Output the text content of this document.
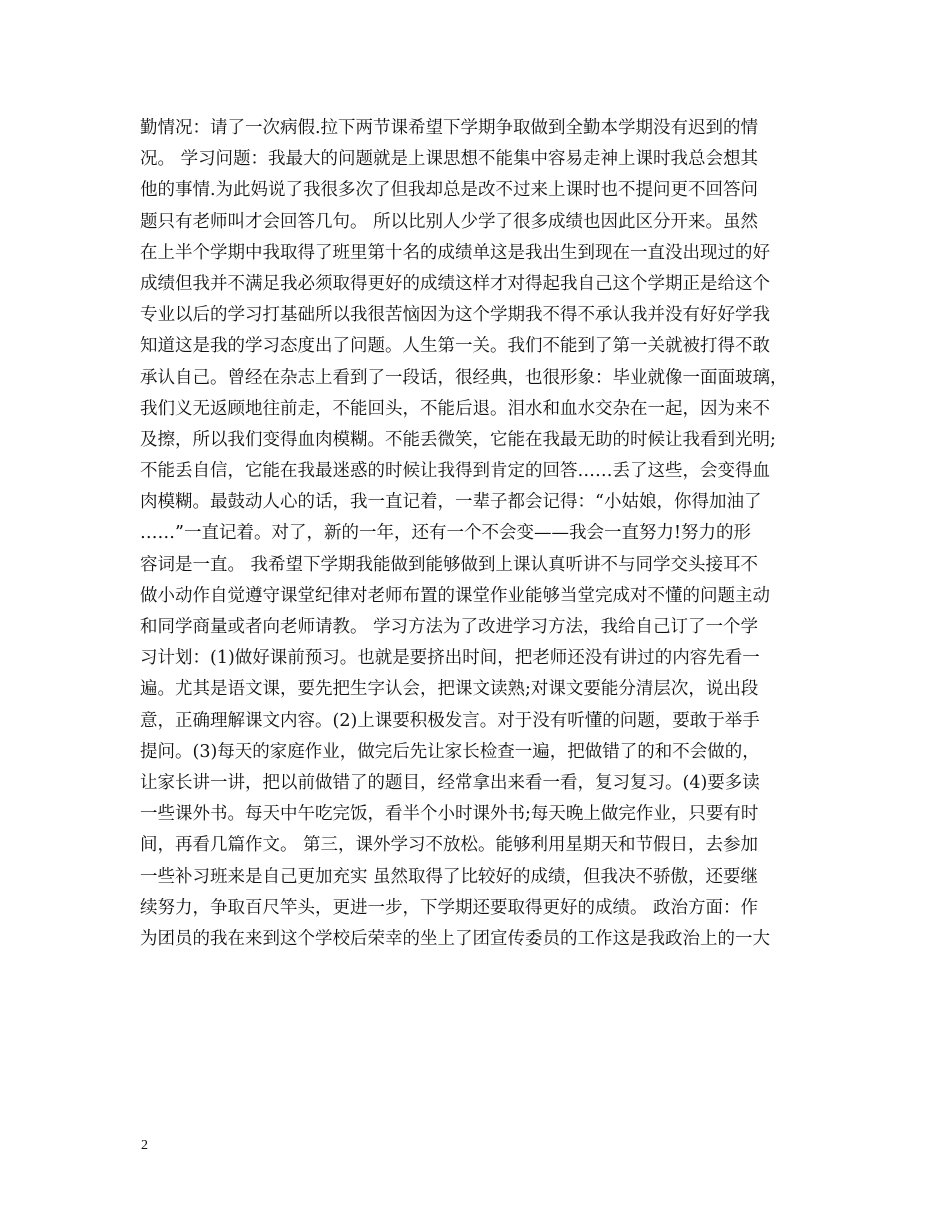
勤情况：请了一次病假.拉下两节课希望下学期争取做到全勤本学期没有迟到的情
况。 学习问题：我最大的问题就是上课思想不能集中容易走神上课时我总会想其
他的事情.为此妈说了我很多次了但我却总是改不过来上课时也不提问更不回答问
题只有老师叫才会回答几句。 所以比别人少学了很多成绩也因此区分开来。虽然
在上半个学期中我取得了班里第十名的成绩单这是我出生到现在一直没出现过的好
成绩但我并不满足我必须取得更好的成绩这样才对得起我自己这个学期正是给这个
专业以后的学习打基础所以我很苦恼因为这个学期我不得不承认我并没有好好学我
知道这是我的学习态度出了问题。人生第一关。我们不能到了第一关就被打得不敢
承认自己。曾经在杂志上看到了一段话，很经典，也很形象：毕业就像一面面玻璃，
我们义无返顾地往前走，不能回头，不能后退。泪水和血水交杂在一起，因为来不
及擦，所以我们变得血肉模糊。不能丢微笑，它能在我最无助的时候让我看到光明;
不能丢自信，它能在我最迷惑的时候让我得到肯定的回答……丢了这些，会变得血
肉模糊。最鼓动人心的话，我一直记着，一辈子都会记得：“小姑娘，你得加油了
……”一直记着。对了，新的一年，还有一个不会变——我会一直努力!努力的形
容词是一直。 我希望下学期我能做到能够做到上课认真听讲不与同学交头接耳不
做小动作自觉遵守课堂纪律对老师布置的课堂作业能够当堂完成对不懂的问题主动
和同学商量或者向老师请教。 学习方法为了改进学习方法，我给自己订了一个学
习计划：(1)做好课前预习。也就是要挤出时间，把老师还没有讲过的内容先看一
遍。尤其是语文课，要先把生字认会，把课文读熟;对课文要能分清层次，说出段
意，正确理解课文内容。(2)上课要积极发言。对于没有听懂的问题，要敢于举手
提问。(3)每天的家庭作业，做完后先让家长检查一遍，把做错了的和不会做的，
让家长讲一讲，把以前做错了的题目，经常拿出来看一看，复习复习。(4)要多读
一些课外书。每天中午吃完饭，看半个小时课外书;每天晚上做完作业，只要有时
间，再看几篇作文。 第三，课外学习不放松。能够利用星期天和节假日，去参加
一些补习班来是自己更加充实 虽然取得了比较好的成绩，但我决不骄傲，还要继
续努力，争取百尺竿头，更进一步，下学期还要取得更好的成绩。 政治方面：作
为团员的我在来到这个学校后荣幸的坐上了团宣传委员的工作这是我政治上的一大
2
